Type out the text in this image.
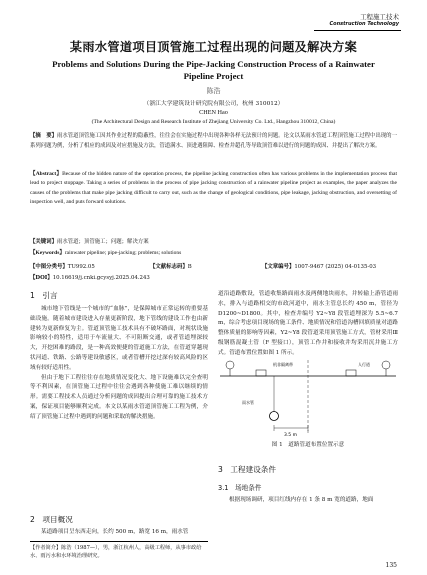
工程施工技术
Construction Technology
某雨水管道项目顶管施工过程出现的问题及解决方案
Problems and Solutions During the Pipe-Jacking Construction Process of a Rainwater Pipeline Project
陈浩
（浙江大学建筑设计研究院有限公司，杭州 310012）
CHEN Hao
(The Architectural Design and Research Institute of Zhejiang University Co. Ltd., Hangzhou 310012, China)
【摘　要】雨水管道顶管施工因其作业过程的隐蔽性，往往会在实施过程中出现各种各样无法预计的问题。论文以某雨水管道工程顶管施工过程中出现的一系列问题为例，分析了相应的成因及对应措施及方法，管道满水、顶进遇阻障、检查井超孔等导致顶管难以进行的问题的成因、并提出了解决方案。
【Abstract】Because of the hidden nature of the operation process, the pipeline jacking construction often has various problems in the implementation process that lead to project stoppage. Taking a series of problems in the process of pipe jacking construction of a rainwater pipeline project as examples, the paper analyzes the causes of the problems that make pipe jacking difficult to carry out, such as the change of geological conditions, pipe leakage, jacking obstruction, and oversetting of inspection well, and puts forward solutions.
【关键词】雨水管道；顶管施工；问题；解决方案
【Keywords】rainwater pipeline; pipe-jacking; problems; solutions
【中图分类号】TU992.05	【文献标志码】B	【文章编号】1007-9467 (2025) 04-0135-03
【DOI】10.16619/j.cnki.gcysyj.2025.04.243
1　引言
城市地下管线是一个城市的“血脉”，是保障城市正常运转的重要基础设施。随着城市建设进入存量更新阶段，地下管线的建设工作也由新建转为更新修复为主。管道顶管施工技术具有不破坏路面，对现状设施影响较小的特性，适用于车流量大、不可阻断交通，或者管道埋深较大，开挖困难的路段，是一种高效便捷的管道施工方法，在管道穿越现状河道、铁路、公路等建设敏感区，或者管槽开挖过深有较高风险的区域有较好适用性。
但由于地下工程往往存在地质情况变化大、地下设施难以完全查明等不利因素，在顶管施工过程中往往会遇到各种使施工难以继续的情形。需要工程技术人员通过分析问题的成因提出合理可靠的施工技术方案，保证项目能够顺利完成。本文以某雨水管道顶管施工工程为例，介绍了顶管施工过程中遇到的问题和采取的解决措施。
2　项目概况
某道路项目呈东西走向，长约 500 m，路宽 16 m，雨水管
【作者简介】陈浩（1987—），男，浙江杭州人，高级工程师，从事市政给水、雨污水和水环境治理研究。
道沿道路敷设，管道收集路面雨水及两侧地块雨水，并转输上游管道雨水，排入与道路相交的市政河道中，雨水主管总长约 450 m，管径为 D1200~D1800。其中，检查井编号 Y2~Y8 段管道埋深为 5.5~6.7 m，综合考虑项目现场的施工条件、地质情况和管道沟槽回填质量对道路整体质量的影响等因素，Y2~Y8 段管道采用顶管施工方式，管材采用Ⅲ级钢筋混凝土管（F 型接口），顶管工作井和接收井均采用沉井施工方式。管道布置位置如图 1 所示。
机非隔离带	人行道
雨水管
3.5 m
图 1　道路管道布置位置示意
3　工程建设条件
3.1　场地条件
根据现场调研，项目红线内存在 1 条 8 m 宽的道路，地面
135
